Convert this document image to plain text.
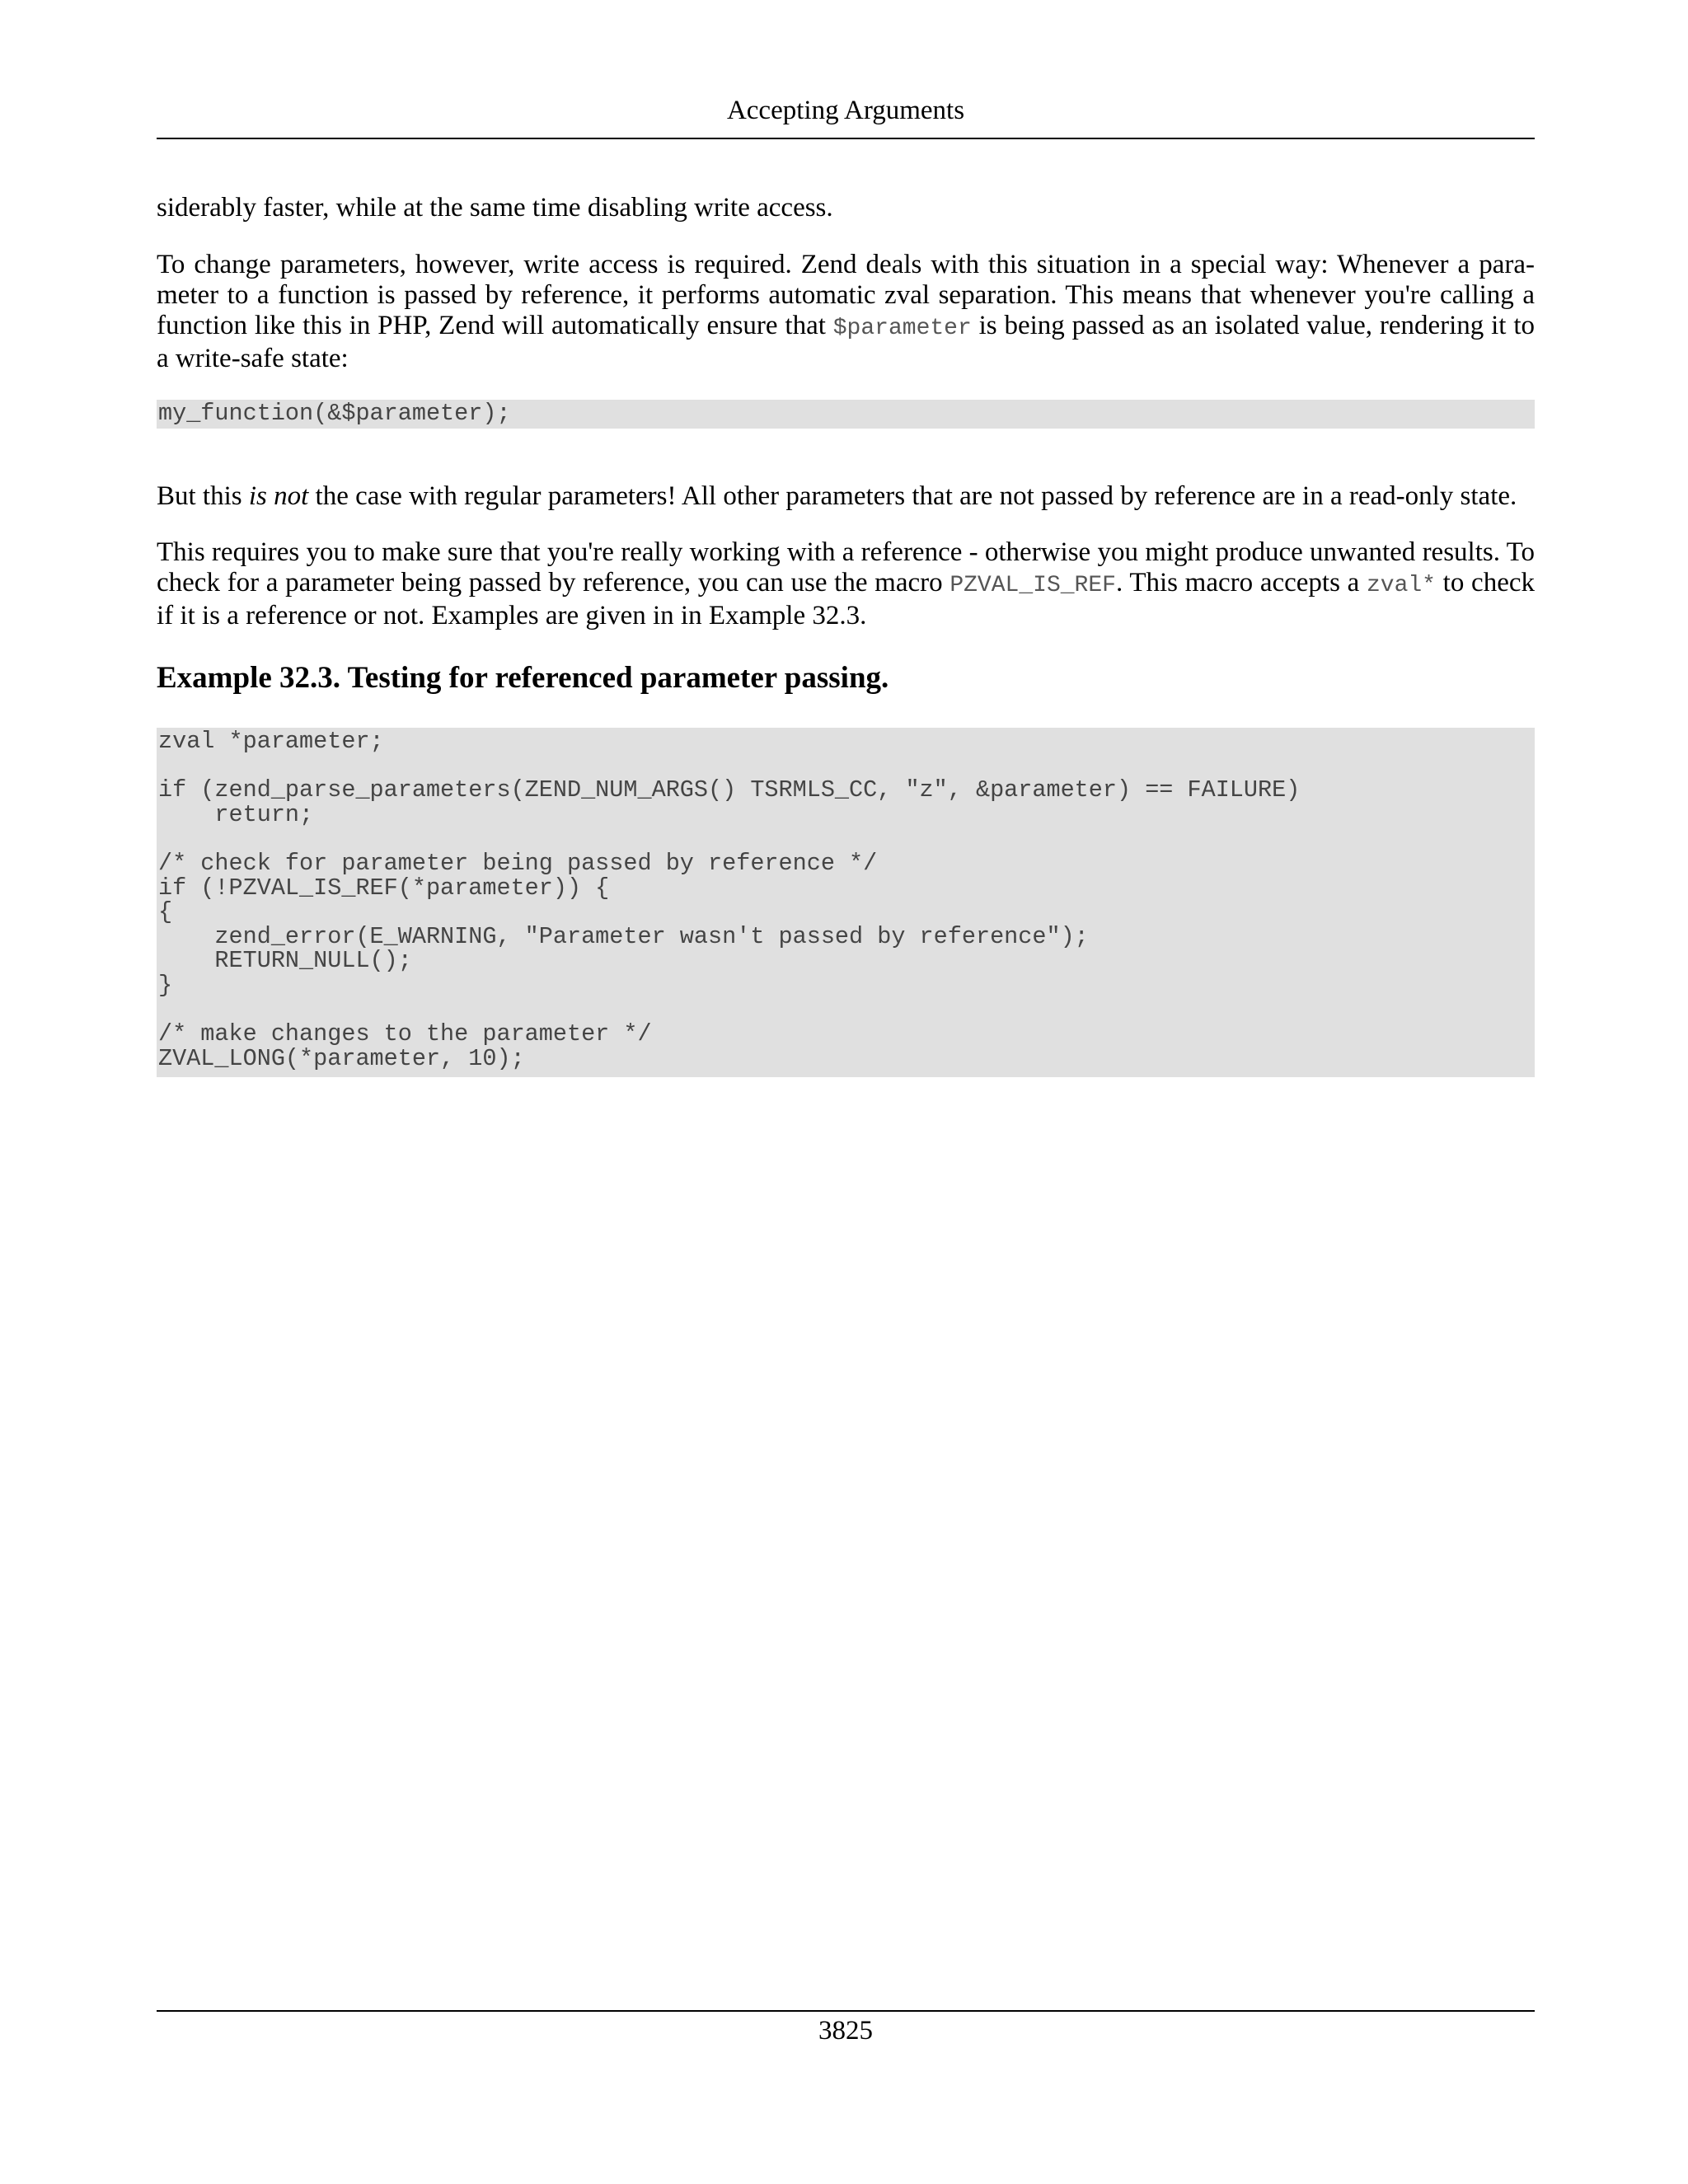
Accepting Arguments

siderably faster, while at the same time disabling write access.

To change parameters, however, write access is required. Zend deals with this situation in a special way: Whenever a para-meter to a function is passed by reference, it performs automatic zval separation. This means that whenever you're calling a function like this in PHP, Zend will automatically ensure that $parameter is being passed as an isolated value, rendering it to a write-safe state:

my_function(&$parameter);

But this is not the case with regular parameters! All other parameters that are not passed by reference are in a read-only state.

This requires you to make sure that you're really working with a reference - otherwise you might produce unwanted results. To check for a parameter being passed by reference, you can use the macro PZVAL_IS_REF. This macro accepts a zval* to check if it is a reference or not. Examples are given in in Example 32.3.

Example 32.3. Testing for referenced parameter passing.
zval *parameter;

if (zend_parse_parameters(ZEND_NUM_ARGS() TSRMLS_CC, "z", &parameter) == FAILURE)
return;

/* check for parameter being passed by reference */
if (!PZVAL_IS_REF(*parameter)) {
{
zend_error(E_WARNING, "Parameter wasn't passed by reference");
RETURN_NULL();
}

/* make changes to the parameter */
ZVAL_LONG(*parameter, 10);
3825
